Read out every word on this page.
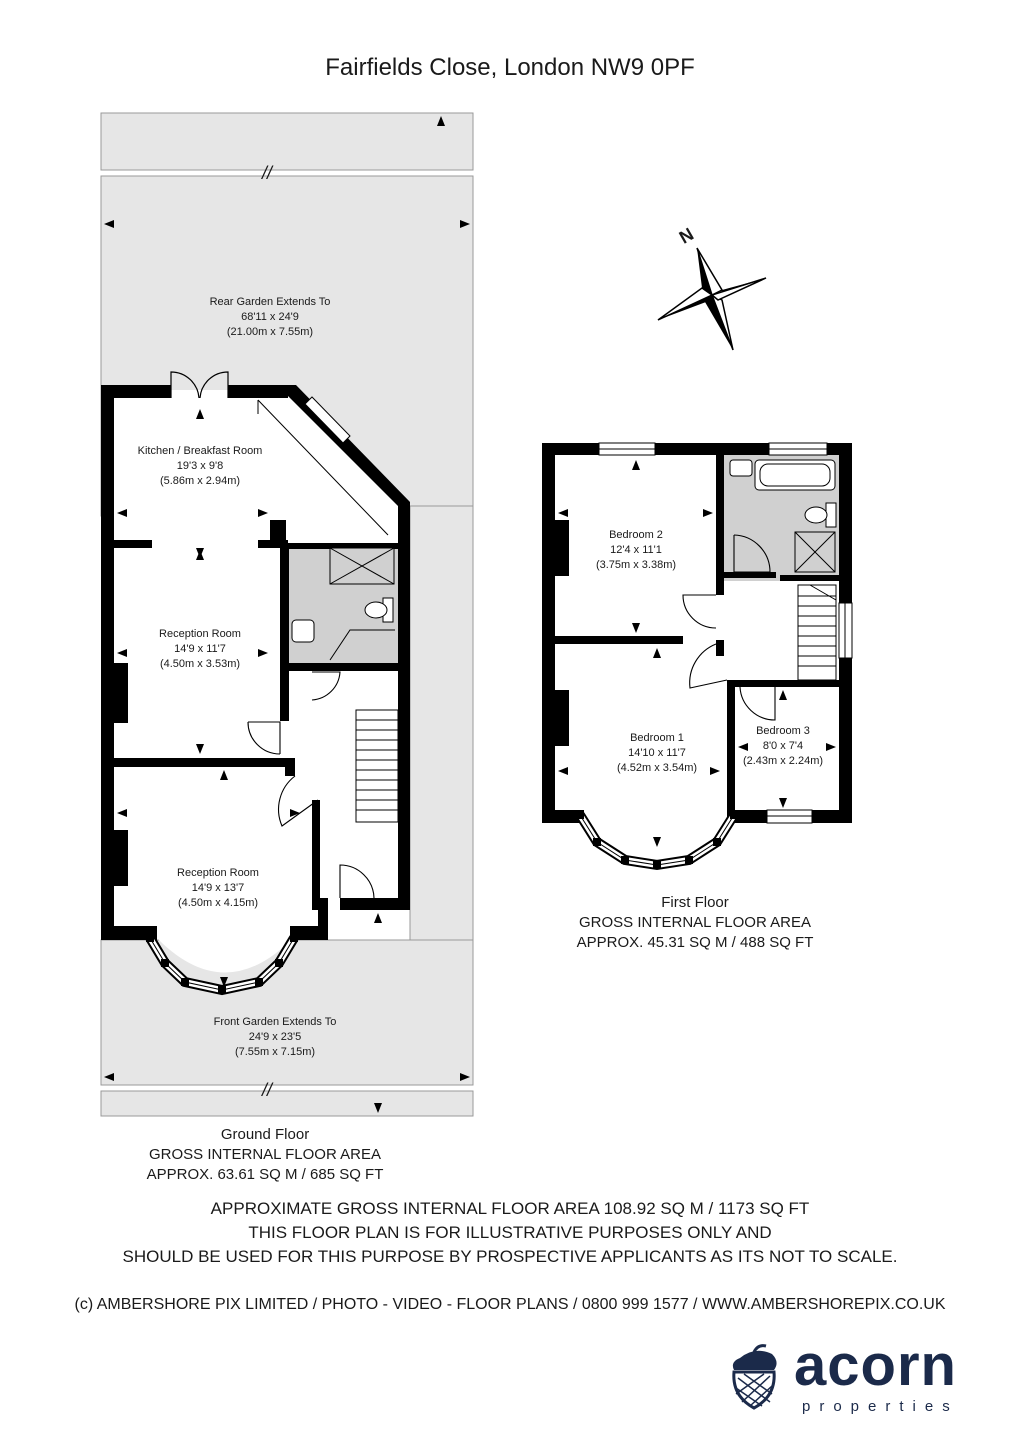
Fairfields Close, London NW9 0PF
//
//
Rear Garden Extends To
68'11 x 24'9
(21.00m x 7.55m)
Kitchen / Breakfast Room
19'3 x 9'8
(5.86m x 2.94m)
Reception Room
14'9 x 11'7
(4.50m x 3.53m)
Reception Room
14'9 x 13'7
(4.50m x 4.15m)
Front Garden Extends To
24'9 x 23'5
(7.55m x 7.15m)
N
Bedroom 2
12'4 x 11'1
(3.75m x 3.38m)
Bedroom 1
14'10 x 11'7
(4.52m x 3.54m)
Bedroom 3
8'0 x 7'4
(2.43m x 2.24m)
First Floor
GROSS INTERNAL FLOOR AREA
APPROX. 45.31 SQ M / 488 SQ FT
Ground Floor
GROSS INTERNAL FLOOR AREA
APPROX. 63.61 SQ M / 685 SQ FT
APPROXIMATE GROSS INTERNAL FLOOR AREA 108.92 SQ M / 1173 SQ FT
THIS FLOOR PLAN IS FOR ILLUSTRATIVE PURPOSES ONLY AND
SHOULD BE USED FOR THIS PURPOSE BY PROSPECTIVE APPLICANTS AS ITS NOT TO SCALE.
(c) AMBERSHORE PIX LIMITED / PHOTO - VIDEO - FLOOR PLANS / 0800 999 1577 / WWW.AMBERSHOREPIX.CO.UK
acorn
properties
